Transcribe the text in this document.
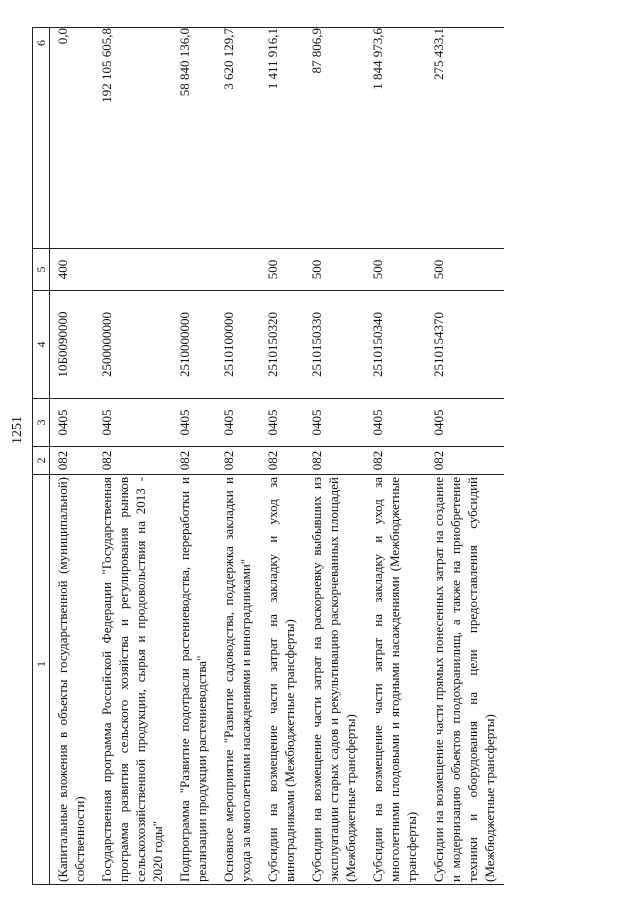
1251
1	2	3	4	5	6
(Капитальные вложения в объекты государственной (муниципальной) собственности)	082	0405	10Б0090000	400	0,0
Государственная программа Российской Федерации "Государственная программа развития сельского хозяйства и регулирования рынков сельскохозяйственной продукции, сырья и продовольствия на 2013 - 2020 годы"	082	0405	2500000000		192 105 605,8
Подпрограмма "Развитие подотрасли растениеводства, переработки и реализации продукции растениеводства"	082	0405	2510000000		58 840 136,0
Основное мероприятие "Развитие садоводства, поддержка закладки и ухода за многолетними насаждениями и виноградниками"	082	0405	2510100000		3 620 129,7
Субсидии на возмещение части затрат на закладку и уход за виноградниками (Межбюджетные трансферты)	082	0405	2510150320	500	1 411 916,1
Субсидии на возмещение части затрат на раскорчевку выбывших из эксплуатации старых садов и рекультивацию раскорчеванных площадей (Межбюджетные трансферты)	082	0405	2510150330	500	87 806,9
Субсидии на возмещение части затрат на закладку и уход за многолетними плодовыми и ягодными насаждениями (Межбюджетные трансферты)	082	0405	2510150340	500	1 844 973,6
Субсидии на возмещение части прямых понесенных затрат на создание и модернизацию объектов плодохранилищ, а также на приобретение техники и оборудования на цели предоставления субсидий (Межбюджетные трансферты)	082	0405	2510154370	500	275 433,1
